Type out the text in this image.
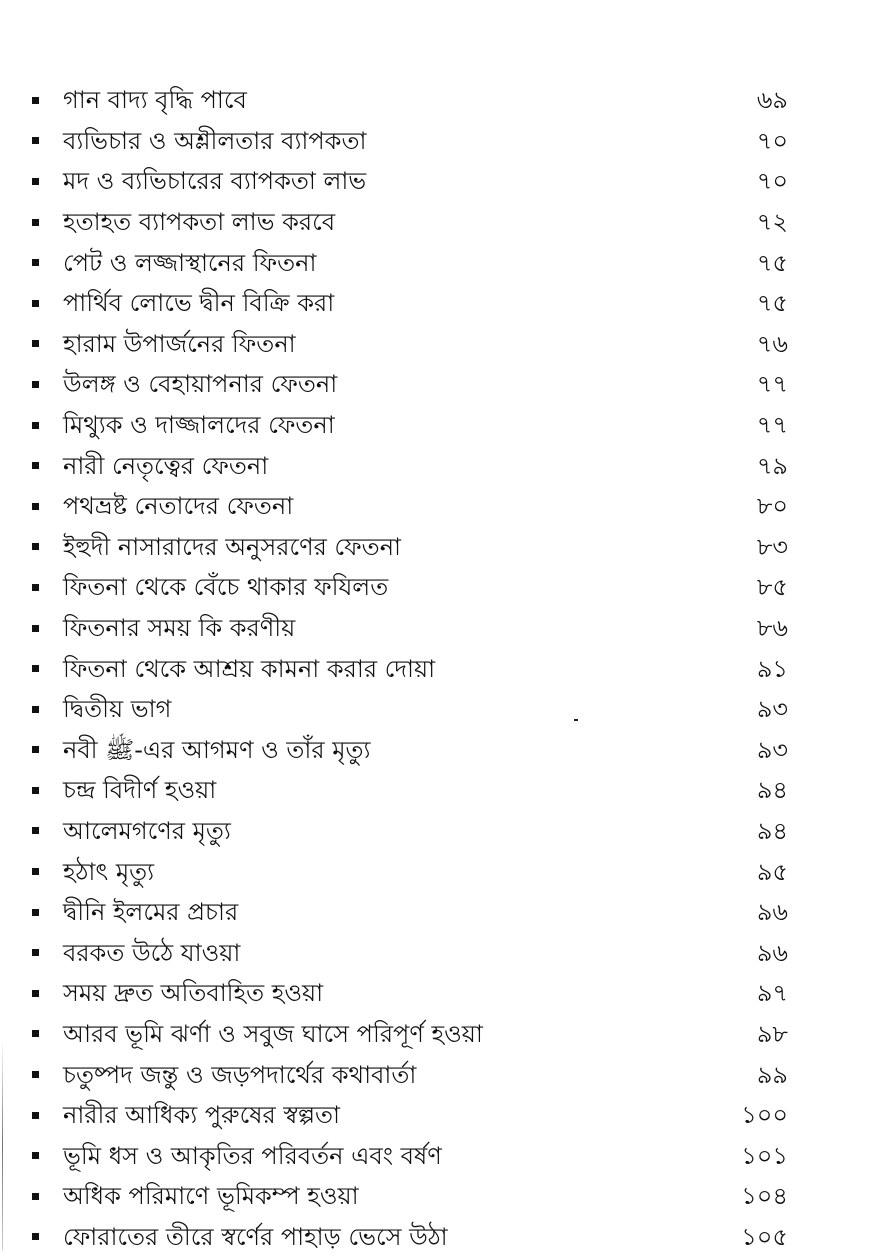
গান বাদ্য বৃদ্ধি পাবে	৬৯
ব্যভিচার ও অশ্লীলতার ব্যাপকতা	৭০
মদ ও ব্যভিচারের ব্যাপকতা লাভ	৭০
হতাহত ব্যাপকতা লাভ করবে	৭২
পেট ও লজ্জাস্থানের ফিতনা	৭৫
পার্থিব লোভে দ্বীন বিক্রি করা	৭৫
হারাম উপার্জনের ফিতনা	৭৬
উলঙ্গ ও বেহায়াপনার ফেতনা	৭৭
মিথ্যুক ও দাজ্জালদের ফেতনা	৭৭
নারী নেতৃত্বের ফেতনা	৭৯
পথভ্রষ্ট নেতাদের ফেতনা	৮০
ইহুদী নাসারাদের অনুসরণের ফেতনা	৮৩
ফিতনা থেকে বেঁচে থাকার ফযিলত	৮৫
ফিতনার সময় কি করণীয়	৮৬
ফিতনা থেকে আশ্রয় কামনা করার দোয়া	৯১
দ্বিতীয় ভাগ	৯৩
নবী ﷺ-এর আগমণ ও তাঁর মৃত্যু	৯৩
চন্দ্র বিদীর্ণ হওয়া	৯৪
আলেমগণের মৃত্যু	৯৪
হঠাৎ মৃত্যু	৯৫
দ্বীনি ইলমের প্রচার	৯৬
বরকত উঠে যাওয়া	৯৬
সময় দ্রুত অতিবাহিত হওয়া	৯৭
আরব ভূমি ঝর্ণা ও সবুজ ঘাসে পরিপূর্ণ হওয়া	৯৮
চতুষ্পদ জন্তু ও জড়পদার্থের কথাবার্তা	৯৯
নারীর আধিক্য পুরুষের স্বল্পতা	১০০
ভূমি ধস ও আকৃতির পরিবর্তন এবং বর্ষণ	১০১
অধিক পরিমাণে ভূমিকম্প হওয়া	১০৪
ফোরাতের তীরে স্বর্ণের পাহাড় ভেসে উঠা	১০৫
